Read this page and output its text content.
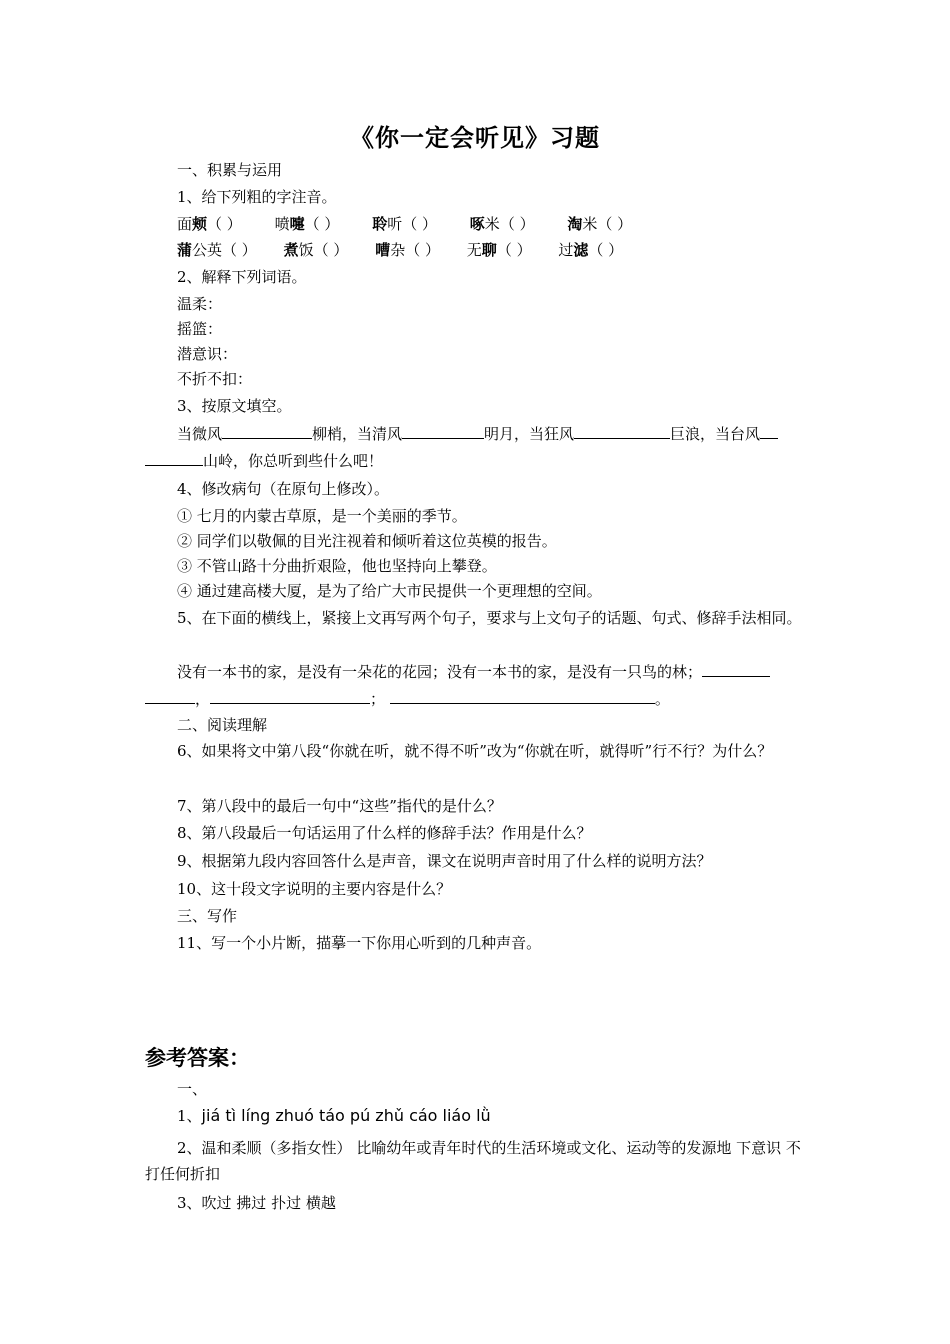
《你一定会听见》习题
一、积累与运用
1、给下列粗的字注音。
面颊（ ） 喷嚏（ ） 聆听（ ） 啄米（ ） 淘米（ ）
蒲公英（ ） 煮饭（ ） 嘈杂（ ） 无聊（ ） 过滤（ ）
2、解释下列词语。
温柔：
摇篮：
潜意识：
不折不扣：
3、按原文填空。
当微风	柳梢，当清风	明月，当狂风	巨浪，当台风
山岭，你总听到些什么吧！
4、修改病句（在原句上修改）。
① 七月的内蒙古草原，是一个美丽的季节。
② 同学们以敬佩的目光注视着和倾听着这位英模的报告。
③ 不管山路十分曲折艰险，他也坚持向上攀登。
④ 通过建高楼大厦，是为了给广大市民提供一个更理想的空间。
5、在下面的横线上，紧接上文再写两个句子，要求与上文句子的话题、句式、修辞手法相同。
没有一本书的家，是没有一朵花的花园；没有一本书的家，是没有一只鸟的林；
，	；	。
二、阅读理解
6、如果将文中第八段“你就在听，就不得不听”改为“你就在听，就得听”行不行？为什么？
7、第八段中的最后一句中“这些”指代的是什么？
8、第八段最后一句话运用了什么样的修辞手法？作用是什么？
9、根据第九段内容回答什么是声音，课文在说明声音时用了什么样的说明方法？
10、这十段文字说明的主要内容是什么？
三、写作
11、写一个小片断，描摹一下你用心听到的几种声音。
参考答案：
一、
1、jiá tì líng zhuó táo pú zhǔ cáo liáo lǜ
2、温和柔顺（多指女性） 比喻幼年或青年时代的生活环境或文化、运动等的发源地 下意识 不打任何折扣
3、吹过 拂过 扑过 横越
